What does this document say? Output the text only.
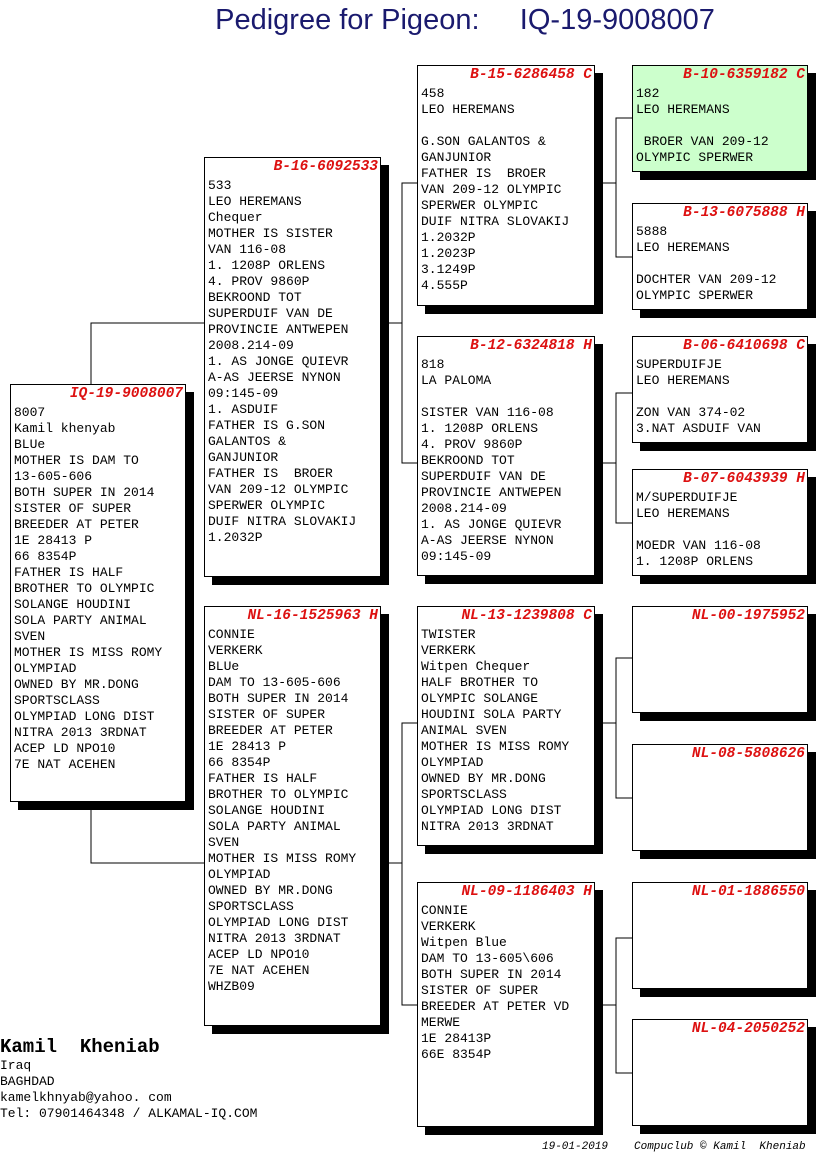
Pedigree for Pigeon:     IQ-19-9008007
IQ-19-9008007
8007
Kamil khenyab
BLUe
MOTHER IS DAM TO
13-605-606
BOTH SUPER IN 2014
SISTER OF SUPER
BREEDER AT PETER
1E 28413 P
66 8354P
FATHER IS HALF
BROTHER TO OLYMPIC
SOLANGE HOUDINI
SOLA PARTY ANIMAL
SVEN
MOTHER IS MISS ROMY
OLYMPIAD
OWNED BY MR.DONG
SPORTSCLASS
OLYMPIAD LONG DIST
NITRA 2013 3RDNAT
ACEP LD NPO10
7E NAT ACEHEN
B-16-6092533
533
LEO HEREMANS
Chequer
MOTHER IS SISTER
VAN 116-08
1. 1208P ORLENS
4. PROV 9860P
BEKROOND TOT
SUPERDUIF VAN DE
PROVINCIE ANTWEPEN
2008.214-09
1. AS JONGE QUIEVR
A-AS JEERSE NYNON
09:145-09
1. ASDUIF
FATHER IS G.SON
GALANTOS &
GANJUNIOR
FATHER IS  BROER
VAN 209-12 OLYMPIC
SPERWER OLYMPIC
DUIF NITRA SLOVAKIJ
1.2032P
NL-16-1525963 H
CONNIE
VERKERK
BLUe
DAM TO 13-605-606
BOTH SUPER IN 2014
SISTER OF SUPER
BREEDER AT PETER
1E 28413 P
66 8354P
FATHER IS HALF
BROTHER TO OLYMPIC
SOLANGE HOUDINI
SOLA PARTY ANIMAL
SVEN
MOTHER IS MISS ROMY
OLYMPIAD
OWNED BY MR.DONG
SPORTSCLASS
OLYMPIAD LONG DIST
NITRA 2013 3RDNAT
ACEP LD NPO10
7E NAT ACEHEN
WHZB09
B-15-6286458 C
458
LEO HEREMANS
G.SON GALANTOS &
GANJUNIOR
FATHER IS  BROER
VAN 209-12 OLYMPIC
SPERWER OLYMPIC
DUIF NITRA SLOVAKIJ
1.2032P
1.2023P
3.1249P
4.555P
B-12-6324818 H
818
LA PALOMA
SISTER VAN 116-08
1. 1208P ORLENS
4. PROV 9860P
BEKROOND TOT
SUPERDUIF VAN DE
PROVINCIE ANTWEPEN
2008.214-09
1. AS JONGE QUIEVR
A-AS JEERSE NYNON
09:145-09
NL-13-1239808 C
TWISTER
VERKERK
Witpen Chequer
HALF BROTHER TO
OLYMPIC SOLANGE
HOUDINI SOLA PARTY
ANIMAL SVEN
MOTHER IS MISS ROMY
OLYMPIAD
OWNED BY MR.DONG
SPORTSCLASS
OLYMPIAD LONG DIST
NITRA 2013 3RDNAT
NL-09-1186403 H
CONNIE
VERKERK
Witpen Blue
DAM TO 13-605\606
BOTH SUPER IN 2014
SISTER OF SUPER
BREEDER AT PETER VD
MERWE
1E 28413P
66E 8354P
B-10-6359182 C
182
LEO HEREMANS
BROER VAN 209-12
OLYMPIC SPERWER
B-13-6075888 H
5888
LEO HEREMANS
DOCHTER VAN 209-12
OLYMPIC SPERWER
B-06-6410698 C
SUPERDUIFJE
LEO HEREMANS
ZON VAN 374-02
3.NAT ASDUIF VAN
B-07-6043939 H
M/SUPERDUIFJE
LEO HEREMANS
MOEDR VAN 116-08
1. 1208P ORLENS
NL-00-1975952
NL-08-5808626
NL-01-1886550
NL-04-2050252
Kamil  Kheniab
Iraq
BAGHDAD
kamelkhnyab@yahoo. com
Tel: 07901464348 / ALKAMAL-IQ.COM
19-01-2019 Compuclub © Kamil  Kheniab
